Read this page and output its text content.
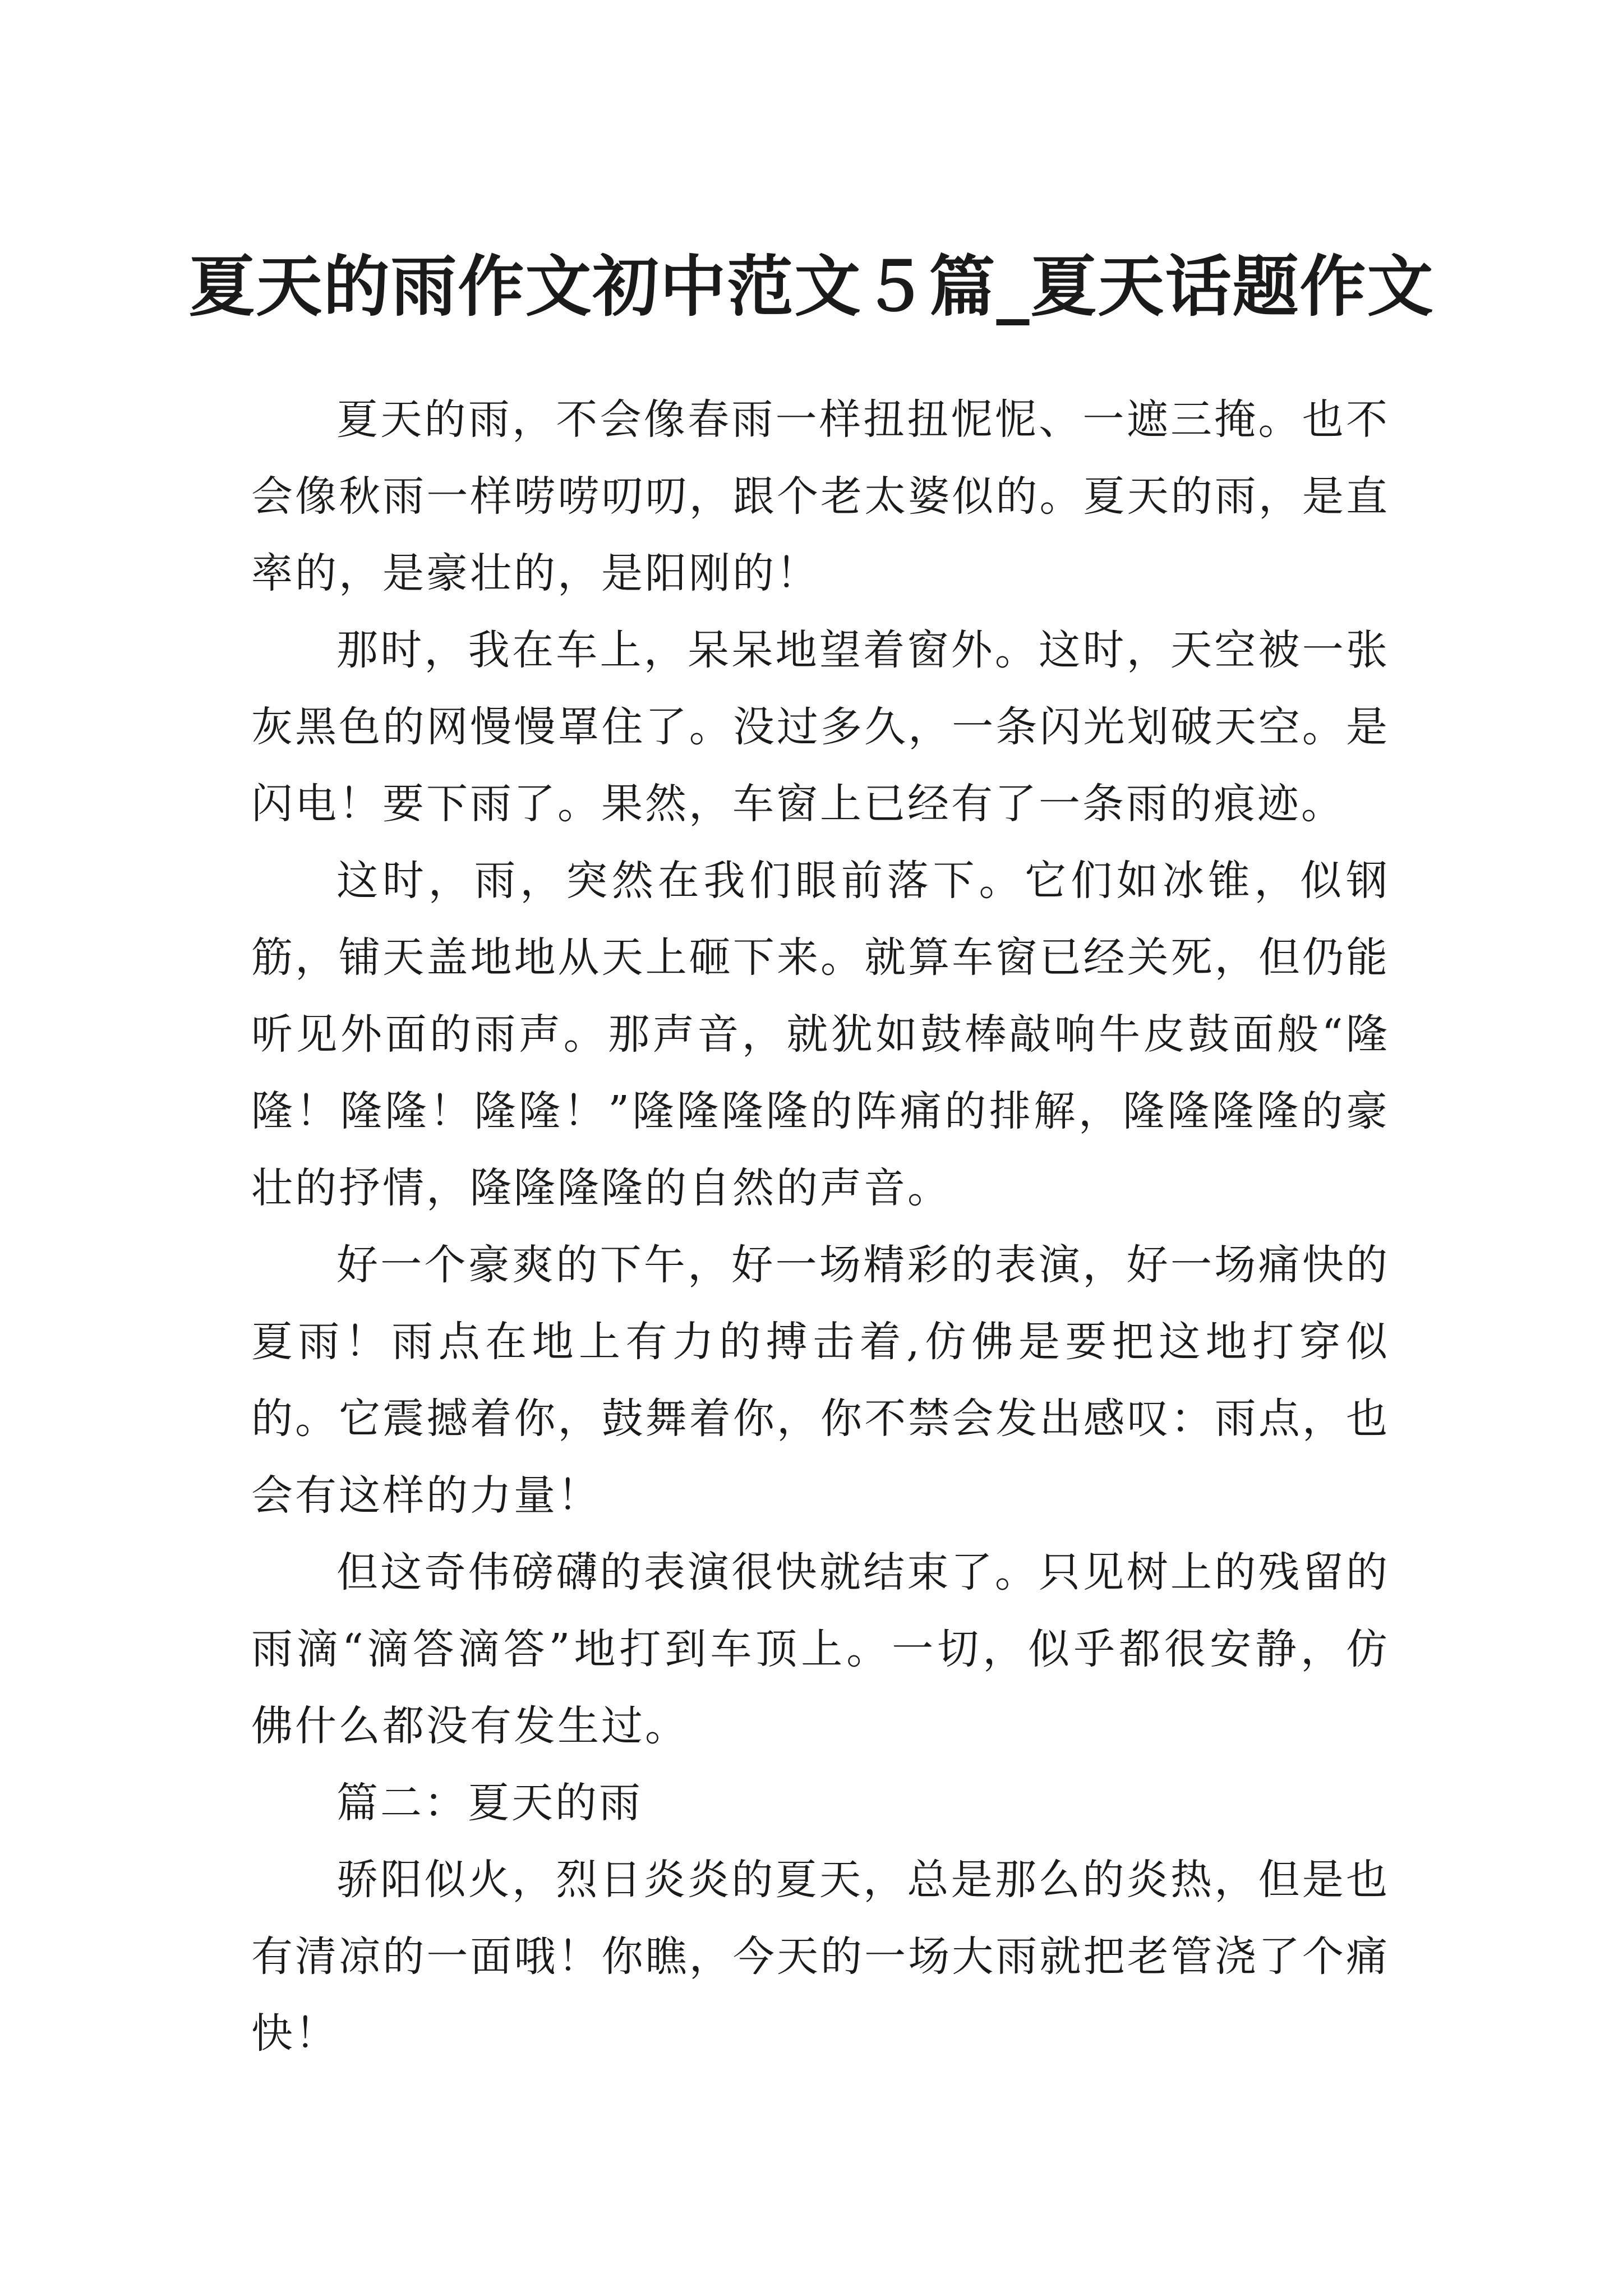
夏天的雨作文初中范文５篇_夏天话题作文

夏天的雨，不会像春雨一样扭扭怩怩、一遮三掩。也不会像秋雨一样唠唠叨叨，跟个老太婆似的。夏天的雨，是直率的，是豪壮的，是阳刚的！

那时，我在车上，呆呆地望着窗外。这时，天空被一张灰黑色的网慢慢罩住了。没过多久，一条闪光划破天空。是闪电！要下雨了。果然，车窗上已经有了一条雨的痕迹。

这时，雨，突然在我们眼前落下。它们如冰锥，似钢筋，铺天盖地地从天上砸下来。就算车窗已经关死，但仍能听见外面的雨声。那声音，就犹如鼓棒敲响牛皮鼓面般“隆隆！隆隆！隆隆！”隆隆隆隆的阵痛的排解，隆隆隆隆的豪壮的抒情，隆隆隆隆的自然的声音。

好一个豪爽的下午，好一场精彩的表演，好一场痛快的夏雨！雨点在地上有力的搏击着,仿佛是要把这地打穿似的。它震撼着你，鼓舞着你，你不禁会发出感叹：雨点，也会有这样的力量！

但这奇伟磅礴的表演很快就结束了。只见树上的残留的雨滴“滴答滴答”地打到车顶上。一切，似乎都很安静，仿佛什么都没有发生过。

篇二：夏天的雨

骄阳似火，烈日炎炎的夏天，总是那么的炎热，但是也有清凉的一面哦！你瞧，今天的一场大雨就把老管浇了个痛快！
